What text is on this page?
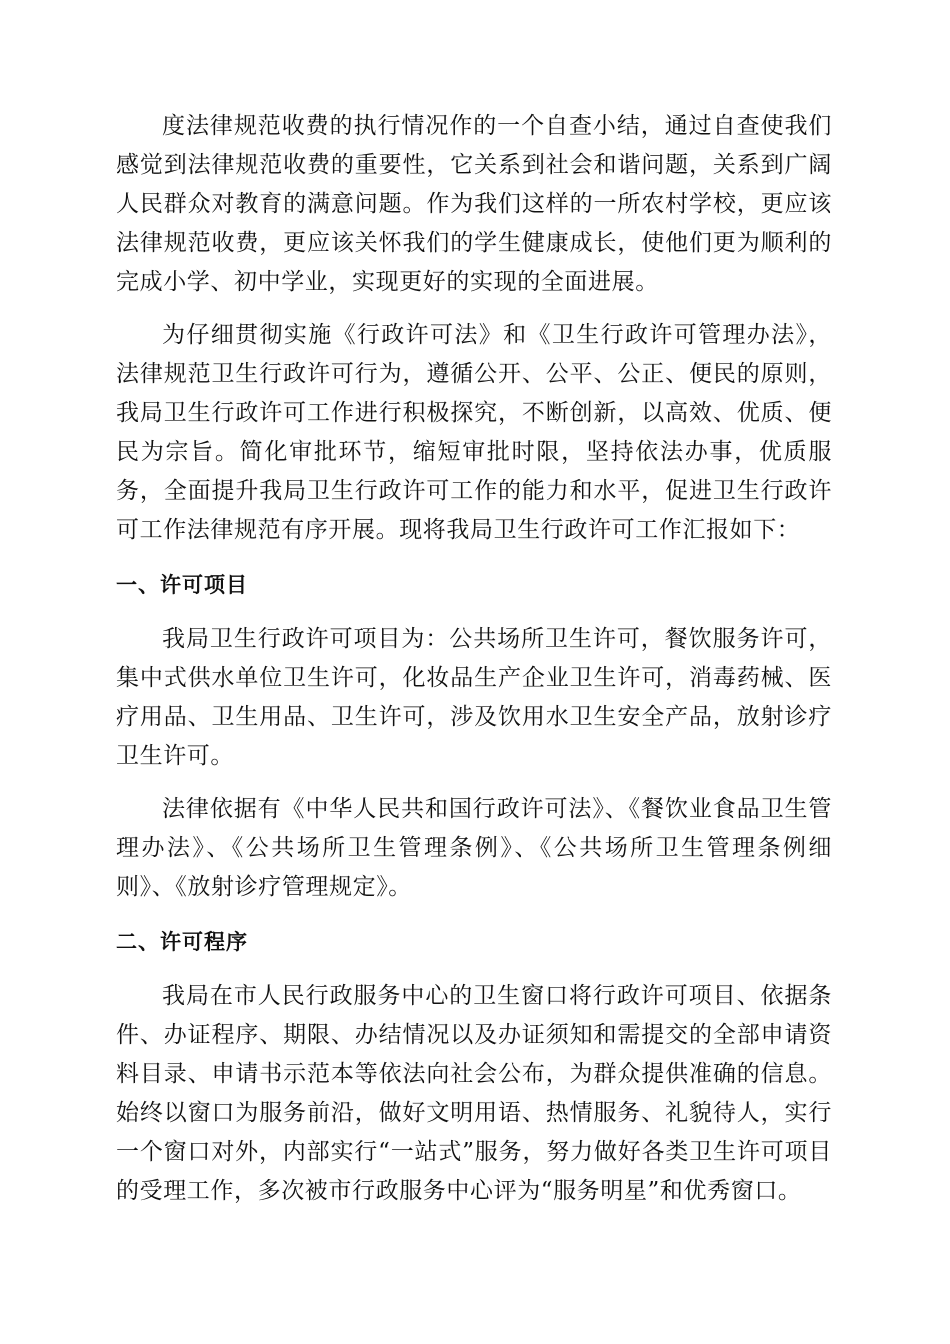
度法律规范收费的执行情况作的一个自查小结，通过自查使我们感觉到法律规范收费的重要性，它关系到社会和谐问题，关系到广阔人民群众对教育的满意问题。作为我们这样的一所农村学校，更应该法律规范收费，更应该关怀我们的学生健康成长，使他们更为顺利的完成小学、初中学业，实现更好的实现的全面进展。

为仔细贯彻实施《行政许可法》和《卫生行政许可管理办法》，法律规范卫生行政许可行为，遵循公开、公平、公正、便民的原则，我局卫生行政许可工作进行积极探究，不断创新，以高效、优质、便民为宗旨。简化审批环节，缩短审批时限，坚持依法办事，优质服务，全面提升我局卫生行政许可工作的能力和水平，促进卫生行政许可工作法律规范有序开展。现将我局卫生行政许可工作汇报如下：

一、许可项目

我局卫生行政许可项目为：公共场所卫生许可，餐饮服务许可，集中式供水单位卫生许可，化妆品生产企业卫生许可，消毒药械、医疗用品、卫生用品、卫生许可，涉及饮用水卫生安全产品，放射诊疗卫生许可。

法律依据有《中华人民共和国行政许可法》、《餐饮业食品卫生管理办法》、《公共场所卫生管理条例》、《公共场所卫生管理条例细则》、《放射诊疗管理规定》。

二、许可程序

我局在市人民行政服务中心的卫生窗口将行政许可项目、依据条件、办证程序、期限、办结情况以及办证须知和需提交的全部申请资料目录、申请书示范本等依法向社会公布，为群众提供准确的信息。始终以窗口为服务前沿，做好文明用语、热情服务、礼貌待人，实行一个窗口对外，内部实行“一站式”服务，努力做好各类卫生许可项目的受理工作，多次被市行政服务中心评为“服务明星”和优秀窗口。
